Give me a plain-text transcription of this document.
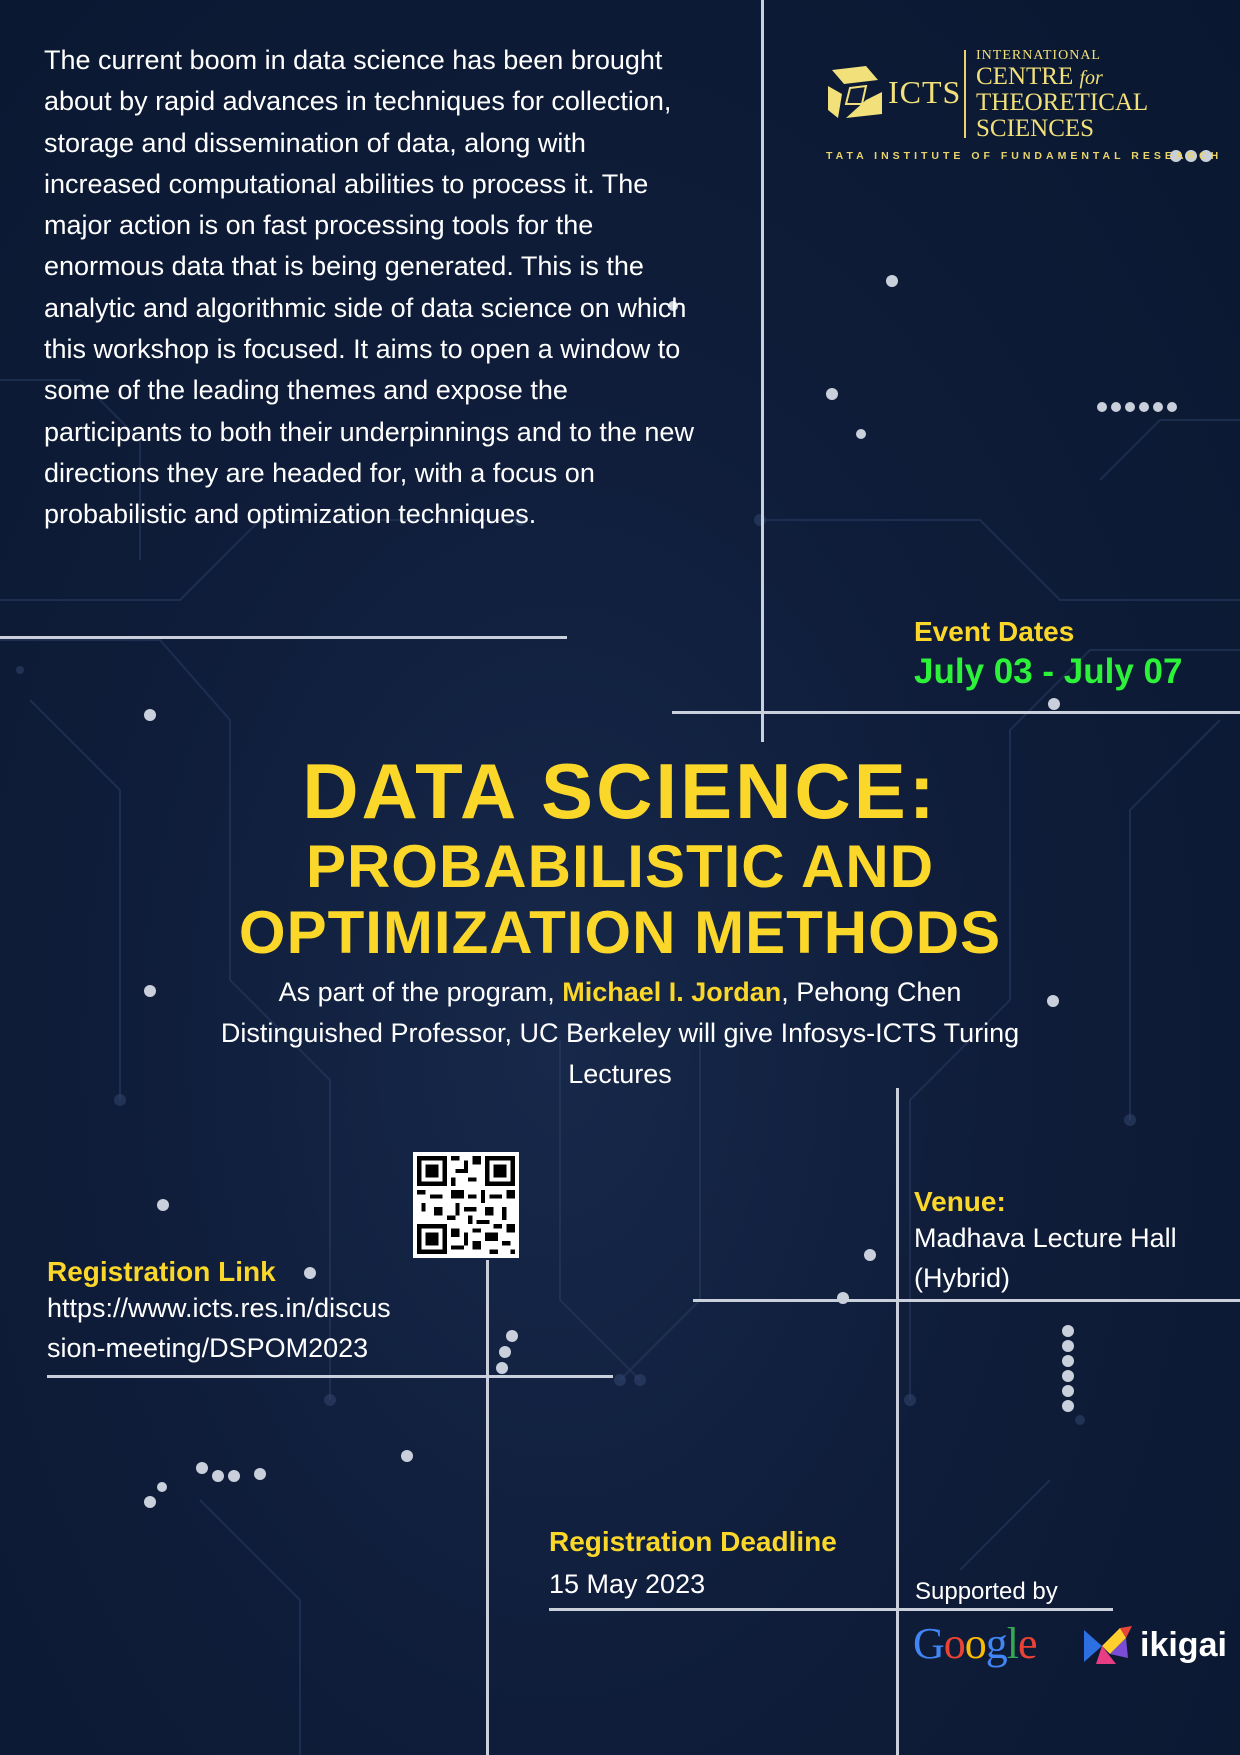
The current boom in data science has been brought about by rapid advances in techniques for collection, storage and dissemination of data, along with increased computational abilities to process it. The major action is on fast processing tools for the enormous data that is being generated. This is the analytic and algorithmic side of data science on which this workshop is focused. It aims to open a window to some of the leading themes and expose the participants to both their underpinnings and to the new directions they are headed for, with a focus on probabilistic and optimization techniques.

ICTS
INTERNATIONAL
CENTRE for
THEORETICAL
SCIENCES
TATA INSTITUTE OF FUNDAMENTAL RESEARCH
Event Dates
July 03 - July 07
DATA SCIENCE:
PROBABILISTIC AND
OPTIMIZATION METHODS

As part of the program, Michael I. Jordan, Pehong Chen Distinguished Professor, UC Berkeley will give Infosys-ICTS Turing Lectures

Registration Link
https://www.icts.res.in/discus
sion-meeting/DSPOM2023
Venue:
Madhava Lecture Hall
(Hybrid)
Registration Deadline
15 May 2023	Supported by
Google	ikigai
